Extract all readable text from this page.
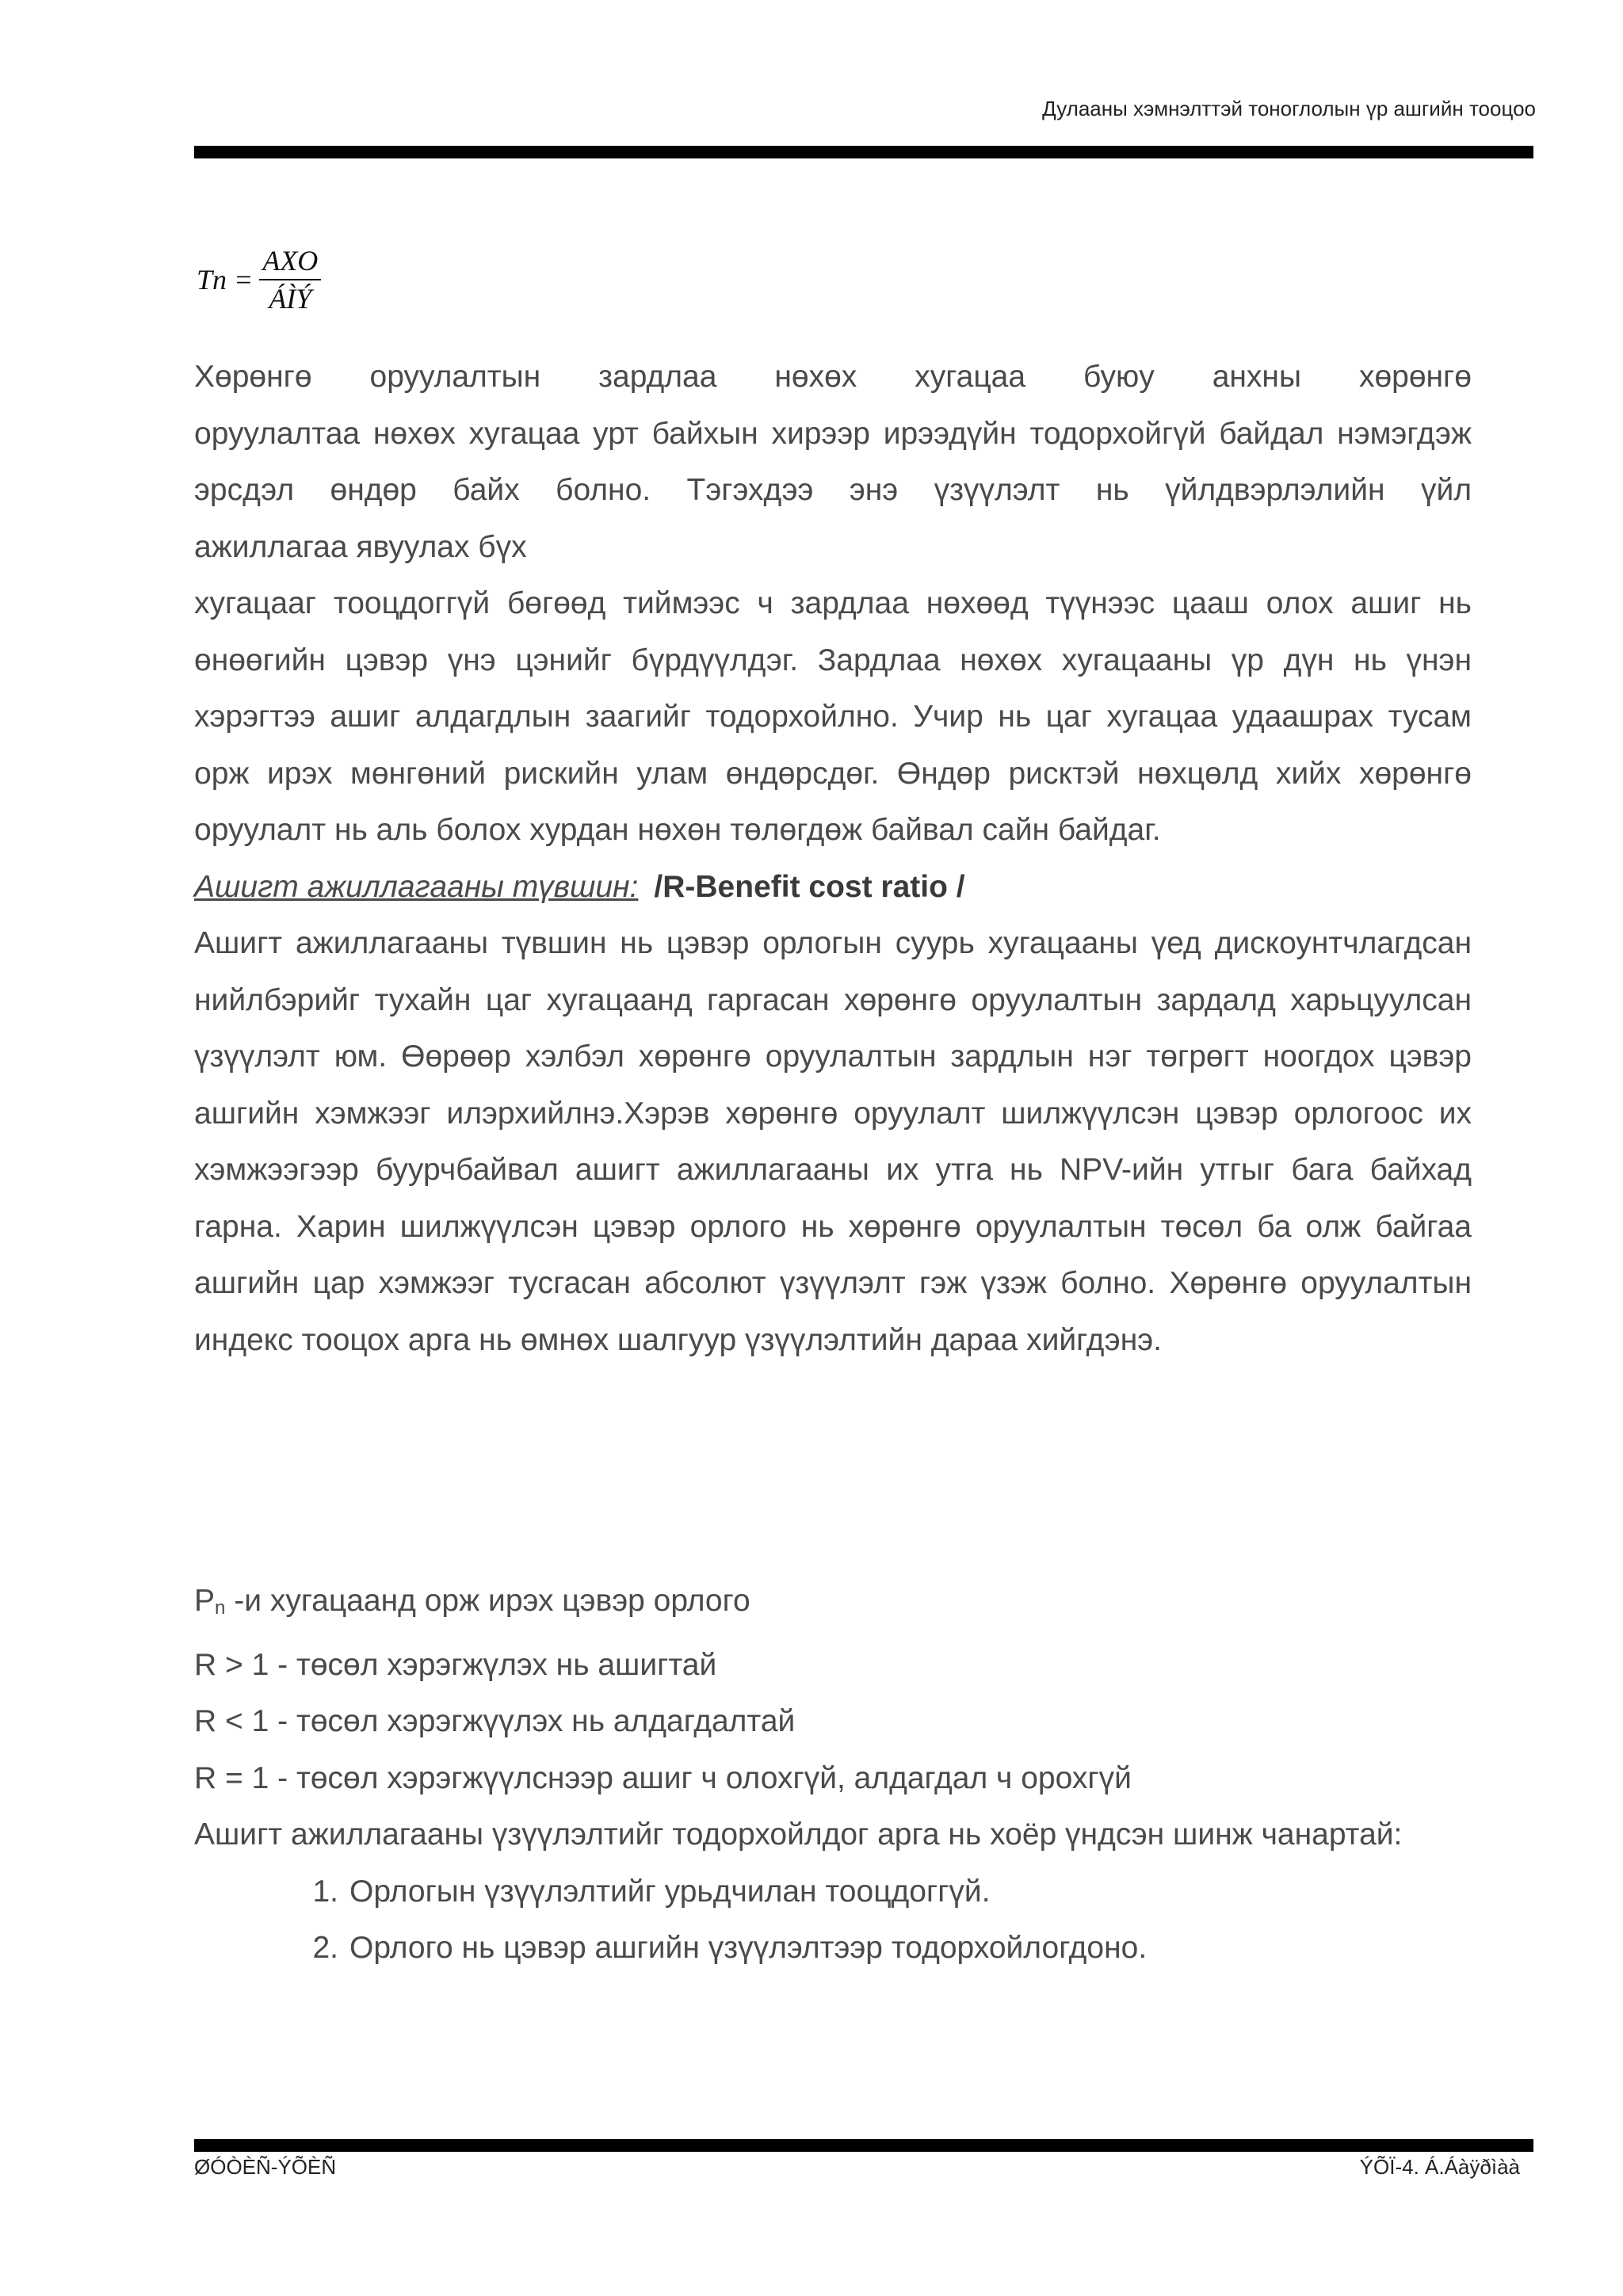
Дулааны хэмнэлттэй тоноглолын үр ашгийн тооцоо
$Tn = \frac{\text{AXO}}{\text{ÁÌÝ}}$

Хөрөнгө оруулалтын зардлаа нөхөх хугацаа буюу анхны хөрөнгө

оруулалтаа нөхөх хугацаа урт байхын хирээр ирээдүйн тодорхойгүй байдал нэмэгдэж

эрсдэл өндөр байх болно. Тэгэхдээ энэ үзүүлэлт нь үйлдвэрлэлийн үйл

ажиллагаа явуулах бүх

хугацааг тооцдоггүй бөгөөд тиймээс ч зардлаа нөхөөд түүнээс цааш олох ашиг нь өнөөгийн цэвэр үнэ цэнийг бүрдүүлдэг. Зардлаа нөхөх хугацааны үр дүн нь үнэн хэрэгтээ ашиг алдагдлын заагийг тодорхойлно. Учир нь цаг хугацаа удаашрах тусам орж ирэх мөнгөний рискийн улам өндөрсдөг. Өндөр рисктэй нөхцөлд хийх хөрөнгө оруулалт нь аль болох хурдан нөхөн төлөгдөж байвал сайн байдаг.

Ашигт ажиллагааны түвшин: /R-Benefit cost ratio /

Ашигт ажиллагааны түвшин нь цэвэр орлогын суурь хугацааны үед дискоунтчлагдсан нийлбэрийг тухайн цаг хугацаанд гаргасан хөрөнгө оруулалтын зардалд харьцуулсан үзүүлэлт юм. Өөрөөр хэлбэл хөрөнгө оруулалтын зардлын нэг төгрөгт ноогдох цэвэр ашгийн хэмжээг илэрхийлнэ.Хэрэв хөрөнгө оруулалт шилжүүлсэн цэвэр орлогоос их хэмжээгээр буурчбайвал ашигт ажиллагааны их утга нь NPV-ийн утгыг бага байхад гарна. Харин шилжүүлсэн цэвэр орлого нь хөрөнгө оруулалтын төсөл ба олж байгаа ашгийн цар хэмжээг тусгасан абсолют үзүүлэлт гэж үзэж болно. Хөрөнгө оруулалтын индекс тооцох арга нь өмнөх шалгуур үзүүлэлтийн дараа хийгдэнэ.

$P_n$ -и хугацаанд орж ирэх цэвэр орлого

R > 1 - төсөл хэрэгжүлэх нь ашигтай

R < 1 - төсөл хэрэгжүүлэх нь алдагдалтай

R = 1 - төсөл хэрэгжүүлснээр ашиг ч олохгүй, алдагдал ч орохгүй

Ашигт ажиллагааны үзүүлэлтийг тодорхойлдог арга нь хоёр үндсэн шинж чанартай:

1. Орлогын үзүүлэлтийг урьдчилан тооцдоггүй.
2. Орлого нь цэвэр ашгийн үзүүлэлтээр тодорхойлогдоно.
ØÓÒÈÑ-ÝÕÈÑ	ÝÕÏ-4. Á.Áàÿðìàà
